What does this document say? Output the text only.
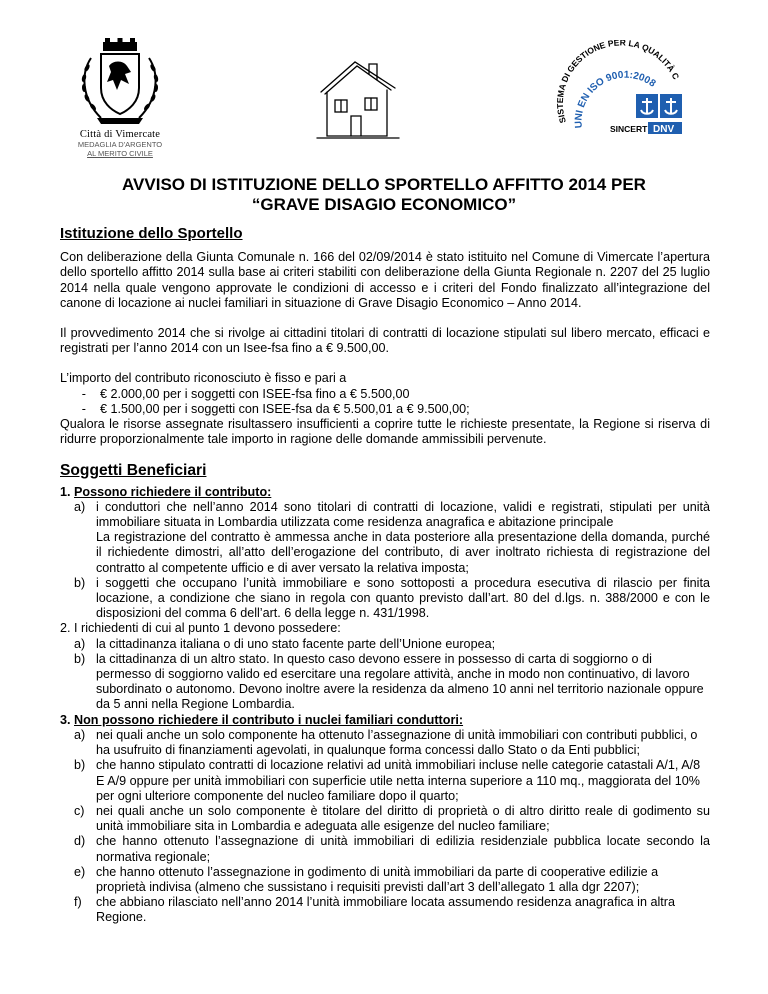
Città di Vimercate
MEDAGLIA D'ARGENTO
AL MERITO CIVILE
SISTEMA DI GESTIONE PER LA QUALITÀ C
UNI EN ISO 9001:2008
SINCERT DNV
AVVISO DI ISTITUZIONE DELLO SPORTELLO AFFITTO 2014 PER
“GRAVE DISAGIO ECONOMICO”
Istituzione dello Sportello

Con deliberazione della Giunta Comunale n. 166 del 02/09/2014 è stato istituito nel Comune di Vimercate l’apertura dello sportello affitto 2014 sulla base ai criteri stabiliti con deliberazione della Giunta Regionale n. 2207 del 25 luglio 2014 nella quale vengono approvate le condizioni di accesso e i criteri del Fondo finalizzato all’integrazione del canone di locazione ai nuclei familiari in situazione di Grave Disagio Economico – Anno 2014.

Il provvedimento 2014 che si rivolge ai cittadini titolari di contratti di locazione stipulati sul libero mercato, efficaci e registrati per l’anno 2014 con un Isee-fsa fino a € 9.500,00.

L’importo del contributo riconosciuto è fisso e pari a

-	€ 2.000,00 per i soggetti con ISEE-fsa fino a € 5.500,00
-	€ 1.500,00 per i soggetti con ISEE-fsa da € 5.500,01 a € 9.500,00;

Qualora le risorse assegnate risultassero insufficienti a coprire tutte le richieste presentate, la Regione si riserva di ridurre proporzionalmente tale importo in ragione delle domande ammissibili pervenute.

Soggetti Beneficiari
1. Possono richiedere il contributo:
a) i conduttori che nell’anno 2014 sono titolari di contratti di locazione, validi e registrati, stipulati per unità immobiliare situata in Lombardia utilizzata come residenza anagrafica e abitazione principale
La registrazione del contratto è ammessa anche in data posteriore alla presentazione della domanda, purché il richiedente dimostri, all’atto dell’erogazione del contributo, di aver inoltrato richiesta di registrazione del contratto al competente ufficio e di aver versato la relativa imposta;
b) i soggetti che occupano l’unità immobiliare e sono sottoposti a procedura esecutiva di rilascio per finita locazione, a condizione che siano in regola con quanto previsto dall’art. 80 del d.lgs. n. 388/2000 e con le disposizioni del comma 6 dell’art. 6 della legge n. 431/1998.
2. I richiedenti di cui al punto 1 devono possedere:
a) la cittadinanza italiana o di uno stato facente parte dell’Unione europea;
b) la cittadinanza di un altro stato. In questo caso devono essere in possesso di carta di soggiorno o di permesso di soggiorno valido ed esercitare una regolare attività, anche in modo non continuativo, di lavoro subordinato o autonomo. Devono inoltre avere la residenza da almeno 10 anni nel territorio nazionale oppure da 5 anni nella Regione Lombardia.
3. Non possono richiedere il contributo i nuclei familiari conduttori:
a) nei quali anche un solo componente ha ottenuto l’assegnazione di unità immobiliari con contributi pubblici, o ha usufruito di finanziamenti agevolati, in qualunque forma concessi dallo Stato o da Enti pubblici;
b) che hanno stipulato contratti di locazione relativi ad unità immobiliari incluse nelle categorie catastali A/1, A/8 E A/9 oppure per unità immobiliari con superficie utile netta interna superiore a 110 mq., maggiorata del 10% per ogni ulteriore componente del nucleo familiare dopo il quarto;
c) nei quali anche un solo componente è titolare del diritto di proprietà o di altro diritto reale di godimento su unità immobiliare sita in Lombardia e adeguata alle esigenze del nucleo familiare;
d) che hanno ottenuto l’assegnazione di unità immobiliari di edilizia residenziale pubblica locate secondo la normativa regionale;
e) che hanno ottenuto l’assegnazione in godimento di unità immobiliari da parte di cooperative edilizie a proprietà indivisa (almeno che sussistano i requisiti previsti dall’art 3 dell’allegato 1 alla dgr 2207);
f)	che abbiano rilasciato nell’anno 2014 l’unità immobiliare locata assumendo residenza anagrafica in altra Regione.
